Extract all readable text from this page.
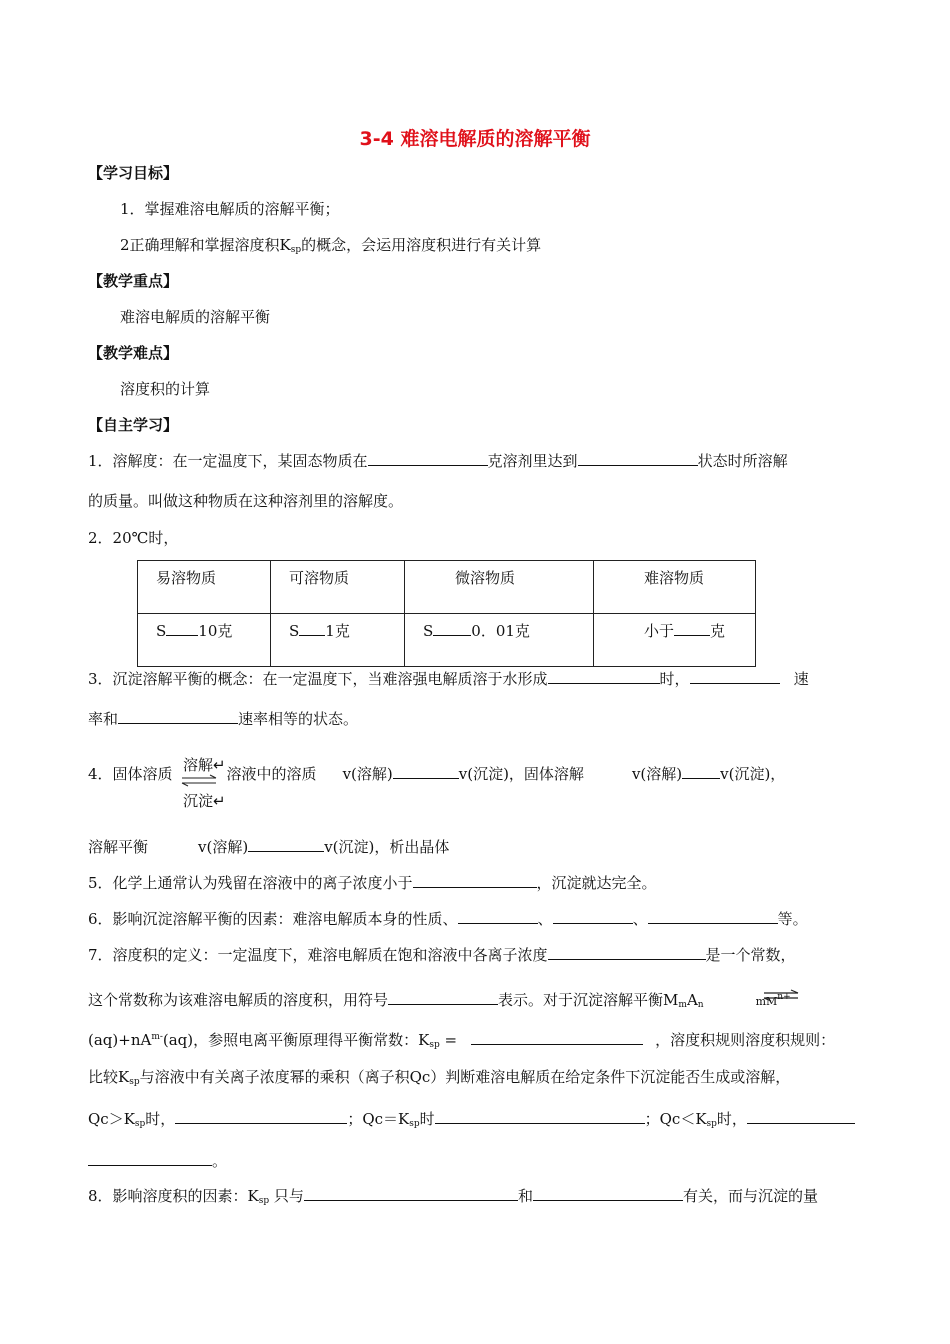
3-4 难溶电解质的溶解平衡
【学习目标】
1．掌握难溶电解质的溶解平衡；
2正确理解和掌握溶度积$K_{sp}$的概念，会运用溶度积进行有关计算
【教学重点】
难溶电解质的溶解平衡
【教学难点】
溶度积的计算
【自主学习】
1．溶解度：在一定温度下，某固态物质在	克溶剂里达到	状态时所溶解
的质量。叫做这种物质在这种溶剂里的溶解度。
2．20℃时，
易溶物质	可溶物质	微溶物质	难溶物质
S 10克	S 1克	S 0．01克	小于 克
3．沉淀溶解平衡的概念：在一定温度下，当难溶强电解质溶于水形成	时，	速
率和	速率相等的状态。
4．固体溶质	溶液中的溶质 v(溶解)	v(沉淀)，固体溶解	v(溶解)	v(沉淀)，
溶解↵
沉淀↵
溶解平衡	v(溶解)	v(沉淀)，析出晶体
5．化学上通常认为残留在溶液中的离子浓度小于	，沉淀就达完全。
6．影响沉淀溶解平衡的因素：难溶电解质本身的性质、	、	、	等。
7．溶度积的定义：一定温度下，难溶电解质在饱和溶液中各离子浓度	是一个常数，
这个常数称为该难溶电解质的溶度积，用符号	表示。对于沉淀溶解平衡$M_mA_n$	$mM^{n+}$
$(aq)+nA^{m-}(aq)$，参照电离平衡原理得平衡常数：$K_{sp}$ =	，溶度积规则溶度积规则：
比较$K_{sp}$与溶液中有关离子浓度幂的乘积（离子积Qc）判断难溶电解质在给定条件下沉淀能否生成或溶解，
$Qc>K_{sp}$时，	；$Qc=K_{sp}$时	；$Qc<K_{sp}$时，
。
8．影响溶度积的因素：$K_{sp}$ 只与	和	有关，而与沉淀的量
